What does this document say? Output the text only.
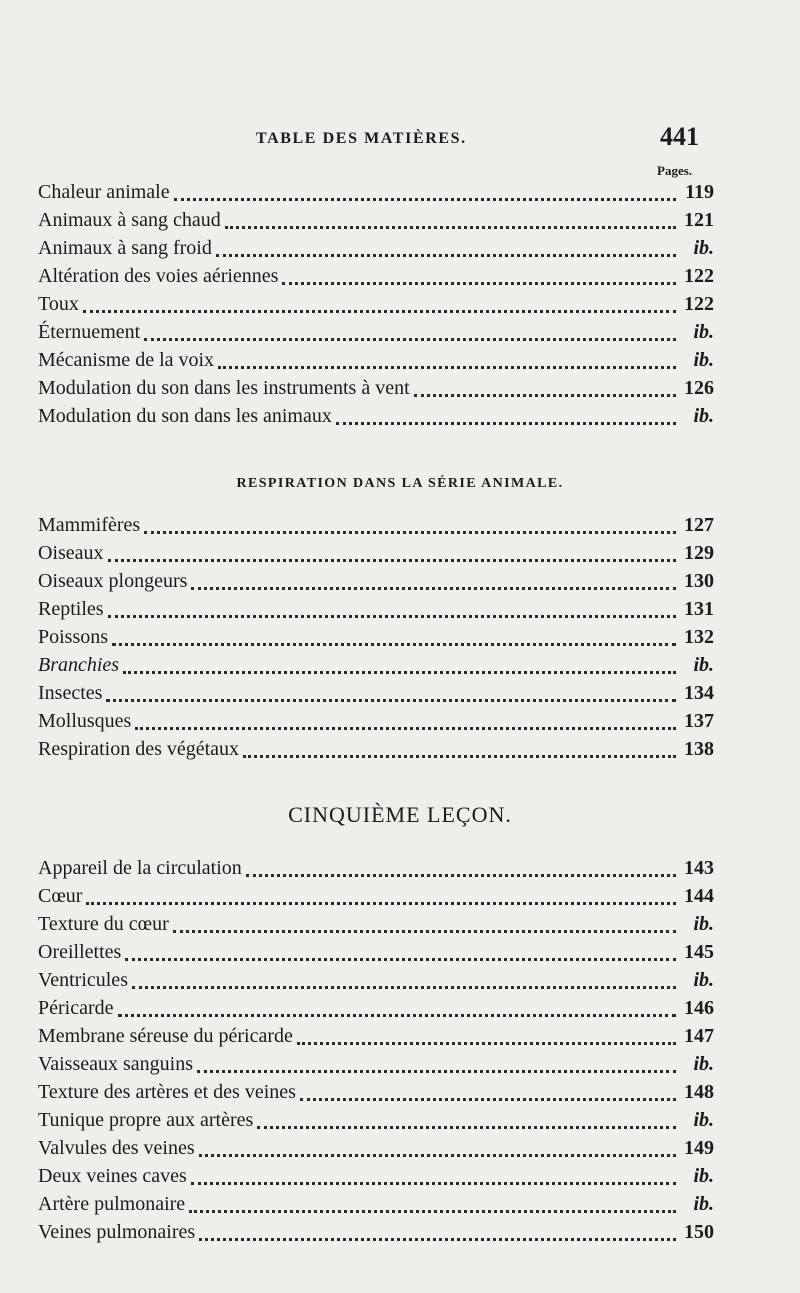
TABLE DES MATIÈRES.	441
Pages.
Chaleur animale	119
Animaux à sang chaud	121
Animaux à sang froid	ib.
Altération des voies aériennes	122
Toux	122
Éternuement	ib.
Mécanisme de la voix	ib.
Modulation du son dans les instruments à vent	126
Modulation du son dans les animaux	ib.
RESPIRATION DANS LA SÉRIE ANIMALE.
Mammifères	127
Oiseaux	129
Oiseaux plongeurs	130
Reptiles	131
Poissons	132
Branchies	ib.
Insectes	134
Mollusques	137
Respiration des végétaux	138
CINQUIÈME LEÇON.
Appareil de la circulation	143
Cœur	144
Texture du cœur	ib.
Oreillettes	145
Ventricules	ib.
Péricarde	146
Membrane séreuse du péricarde	147
Vaisseaux sanguins	ib.
Texture des artères et des veines	148
Tunique propre aux artères	ib.
Valvules des veines	149
Deux veines caves	ib.
Artère pulmonaire	ib.
Veines pulmonaires	150
